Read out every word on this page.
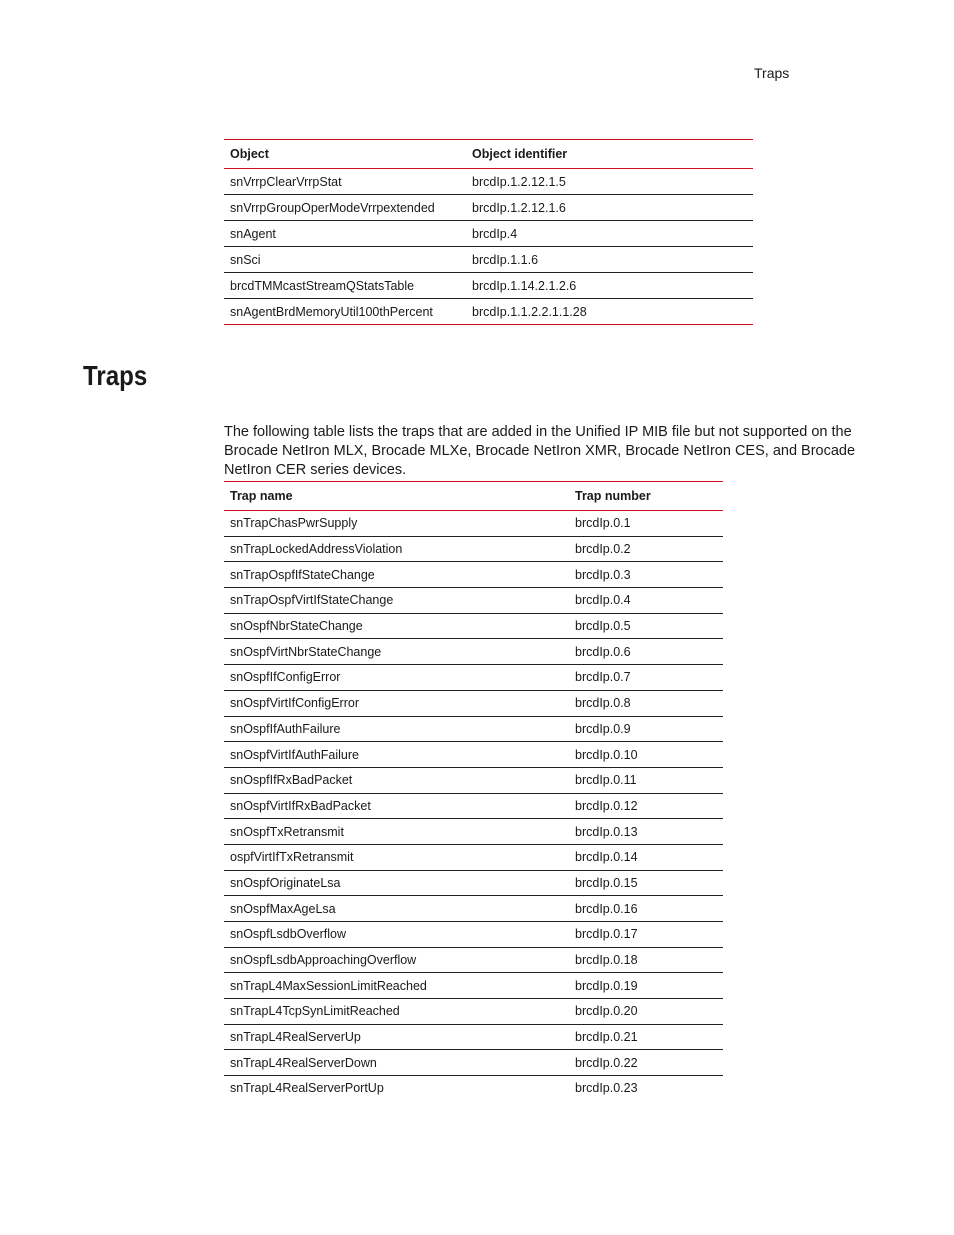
Traps
Object	Object identifier
snVrrpClearVrrpStat	brcdIp.1.2.12.1.5
snVrrpGroupOperModeVrrpextended	brcdIp.1.2.12.1.6
snAgent	brcdIp.4
snSci	brcdIp.1.1.6
brcdTMMcastStreamQStatsTable	brcdIp.1.14.2.1.2.6
snAgentBrdMemoryUtil100thPercent	brcdIp.1.1.2.2.1.1.28
Traps

The following table lists the traps that are added in the Unified IP MIB file but not supported on the Brocade NetIron MLX, Brocade MLXe, Brocade NetIron XMR, Brocade NetIron CES, and Brocade NetIron CER series devices.

Trap name	Trap number
snTrapChasPwrSupply	brcdIp.0.1
snTrapLockedAddressViolation	brcdIp.0.2
snTrapOspfIfStateChange	brcdIp.0.3
snTrapOspfVirtIfStateChange	brcdIp.0.4
snOspfNbrStateChange	brcdIp.0.5
snOspfVirtNbrStateChange	brcdIp.0.6
snOspfIfConfigError	brcdIp.0.7
snOspfVirtIfConfigError	brcdIp.0.8
snOspfIfAuthFailure	brcdIp.0.9
snOspfVirtIfAuthFailure	brcdIp.0.10
snOspfIfRxBadPacket	brcdIp.0.11
snOspfVirtIfRxBadPacket	brcdIp.0.12
snOspfTxRetransmit	brcdIp.0.13
ospfVirtIfTxRetransmit	brcdIp.0.14
snOspfOriginateLsa	brcdIp.0.15
snOspfMaxAgeLsa	brcdIp.0.16
snOspfLsdbOverflow	brcdIp.0.17
snOspfLsdbApproachingOverflow	brcdIp.0.18
snTrapL4MaxSessionLimitReached	brcdIp.0.19
snTrapL4TcpSynLimitReached	brcdIp.0.20
snTrapL4RealServerUp	brcdIp.0.21
snTrapL4RealServerDown	brcdIp.0.22
snTrapL4RealServerPortUp	brcdIp.0.23
